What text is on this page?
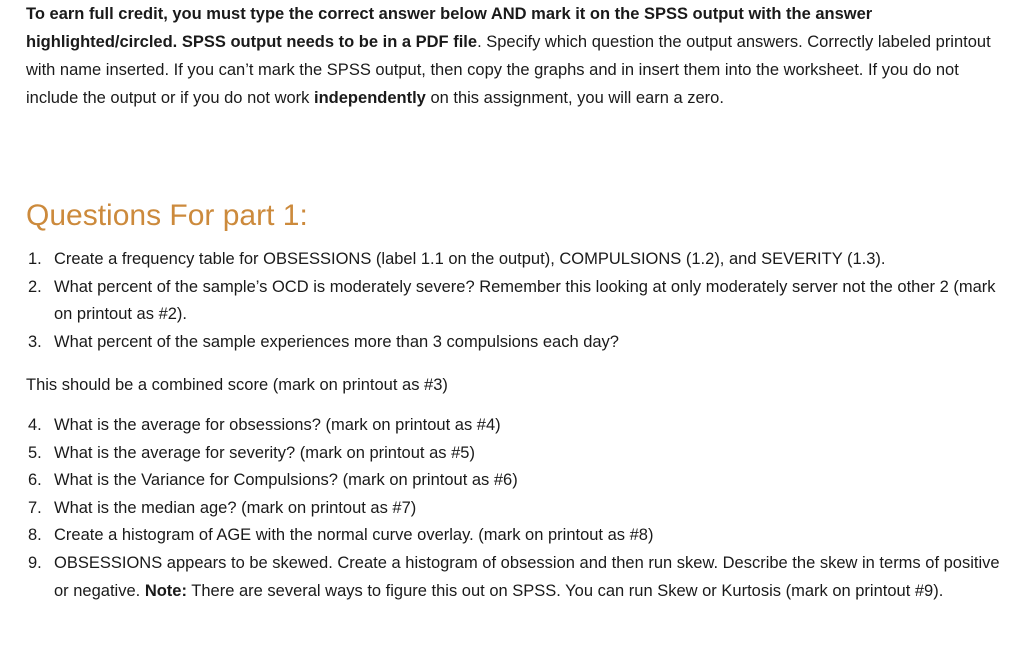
To earn full credit, you must type the correct answer below AND mark it on the SPSS output with the answer highlighted/circled. SPSS output needs to be in a PDF file. Specify which question the output answers. Correctly labeled printout with name inserted. If you can’t mark the SPSS output, then copy the graphs and in insert them into the worksheet. If you do not include the output or if you do not work independently on this assignment, you will earn a zero.

Questions For part 1:
1. Create a frequency table for OBSESSIONS (label 1.1 on the output), COMPULSIONS (1.2), and SEVERITY (1.3).
2. What percent of the sample’s OCD is moderately severe? Remember this looking at only moderately server not the other 2 (mark on printout as #2).
3. What percent of the sample experiences more than 3 compulsions each day?

This should be a combined score (mark on printout as #3)

4. What is the average for obsessions? (mark on printout as #4)
5. What is the average for severity? (mark on printout as #5)
6. What is the Variance for Compulsions? (mark on printout as #6)
7. What is the median age? (mark on printout as #7)
8. Create a histogram of AGE with the normal curve overlay. (mark on printout as #8)
9. OBSESSIONS appears to be skewed. Create a histogram of obsession and then run skew. Describe the skew in terms of positive or negative. Note: There are several ways to figure this out on SPSS. You can run Skew or Kurtosis (mark on printout #9).
